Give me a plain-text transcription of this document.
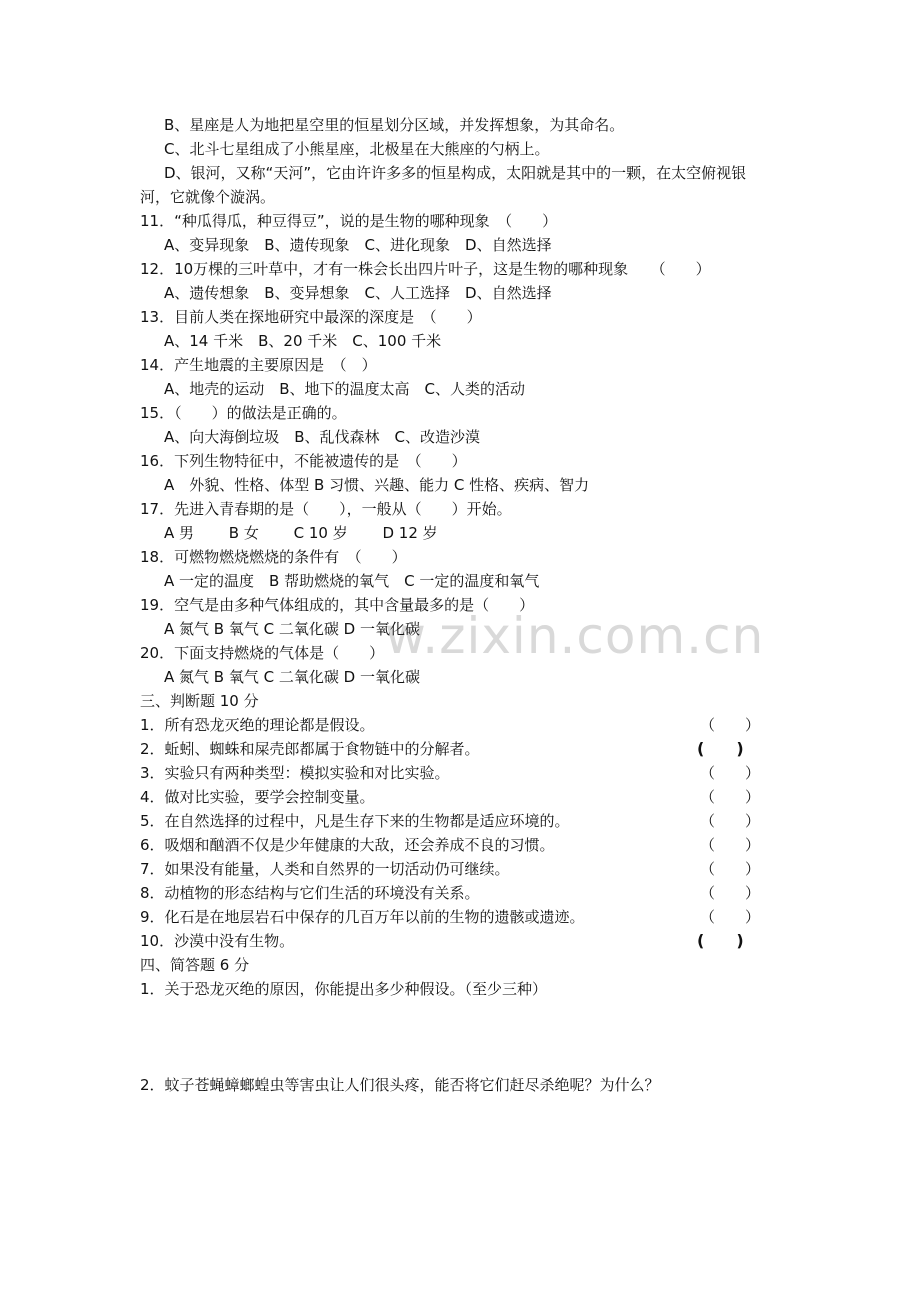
w.zixin.com.cn
B、星座是人为地把星空里的恒星划分区域，并发挥想象，为其命名。
C、北斗七星组成了小熊星座，北极星在大熊座的勺柄上。
D、银河，又称“天河”，它由许许多多的恒星构成，太阳就是其中的一颗，在太空俯视银
河，它就像个漩涡。
11．“种瓜得瓜，种豆得豆”，说的是生物的哪种现象　（　　）
A、变异现象　B、遗传现象　C、进化现象　D、自然选择
12．10万棵的三叶草中，才有一株会长出四片叶子，这是生物的哪种现象　　（　　）
A、遗传想象　B、变异想象　C、人工选择　D、自然选择
13．目前人类在探地研究中最深的深度是　（　　）
A、14 千米　B、20 千米　C、100 千米
14．产生地震的主要原因是　（　）
A、地壳的运动　B、地下的温度太高　C、人类的活动
15．（　　）的做法是正确的。
A、向大海倒垃圾　B、乱伐森林　C、改造沙漠
16．下列生物特征中，不能被遗传的是　（　　）
A　外貌、性格、体型 B 习惯、兴趣、能力 C 性格、疾病、智力
17．先进入青春期的是（　　），一般从（　　）开始。
A 男　　 B 女　　 C 10 岁　　 D 12 岁
18．可燃物燃烧燃烧的条件有　（　　）
A 一定的温度　B 帮助燃烧的氧气　C 一定的温度和氧气
19．空气是由多种气体组成的，其中含量最多的是（　　）
A 氮气 B 氧气 C 二氧化碳 D 一氧化碳
20．下面支持燃烧的气体是（　　）
A 氮气 B 氧气 C 二氧化碳 D 一氧化碳
三、判断题 10 分
1．所有恐龙灭绝的理论都是假设。	（　　）
2．蚯蚓、蜘蛛和屎壳郎都属于食物链中的分解者。	(　　)
3．实验只有两种类型：模拟实验和对比实验。	（　　）
4．做对比实验，要学会控制变量。	（　　）
5．在自然选择的过程中，凡是生存下来的生物都是适应环境的。	（　　）
6．吸烟和酗酒不仅是少年健康的大敌，还会养成不良的习惯。	（　　）
7．如果没有能量，人类和自然界的一切活动仍可继续。	（　　）
8．动植物的形态结构与它们生活的环境没有关系。	（　　）
9．化石是在地层岩石中保存的几百万年以前的生物的遗骸或遗迹。	（　　）
10．沙漠中没有生物。	(　　)
四、简答题 6 分
1．关于恐龙灭绝的原因，你能提出多少种假设。（至少三种）
2．蚊子苍蝇蟑螂蝗虫等害虫让人们很头疼，能否将它们赶尽杀绝呢？为什么？
